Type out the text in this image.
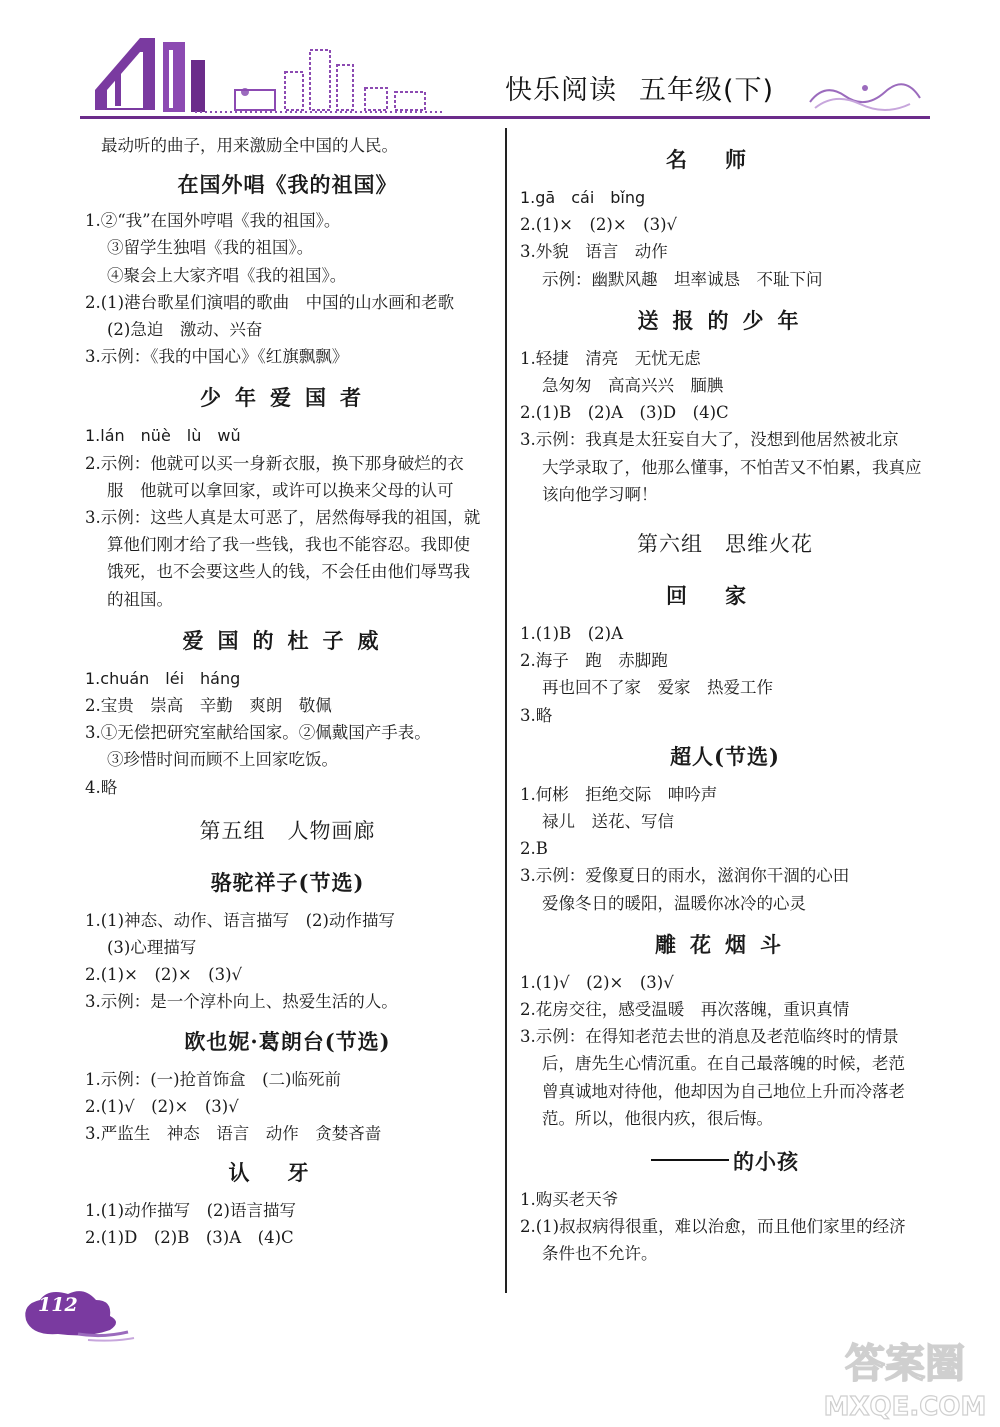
快乐阅读 五年级(下)
最动听的曲子，用来激励全中国的人民。
在国外唱《我的祖国》
1.②“我”在国外哼唱《我的祖国》。
③留学生独唱《我的祖国》。
④聚会上大家齐唱《我的祖国》。
2.(1)港台歌星们演唱的歌曲　中国的山水画和老歌
(2)急迫　激动、兴奋
3.示例：《我的中国心》《红旗飘飘》
少年爱国者
1.lán　nüè　lù　wǔ
2.示例：他就可以买一身新衣服，换下那身破烂的衣
服　他就可以拿回家，或许可以换来父母的认可
3.示例：这些人真是太可恶了，居然侮辱我的祖国，就
算他们刚才给了我一些钱，我也不能容忍。我即使
饿死，也不会要这些人的钱，不会任由他们辱骂我
的祖国。
爱国的杜子威
1.chuán　léi　háng
2.宝贵　崇高　辛勤　爽朗　敬佩
3.①无偿把研究室献给国家。②佩戴国产手表。
③珍惜时间而顾不上回家吃饭。
4.略
第五组　人物画廊
骆驼祥子(节选)
1.(1)神态、动作、语言描写　(2)动作描写
(3)心理描写
2.(1)×　(2)×　(3)√
3.示例：是一个淳朴向上、热爱生活的人。
欧也妮·葛朗台(节选)
1.示例：(一)抢首饰盒　(二)临死前
2.(1)√　(2)×　(3)√
3.严监生　神态　语言　动作　贪婪吝啬
认牙
1.(1)动作描写　(2)语言描写
2.(1)D　(2)B　(3)A　(4)C
名师
1.gā　cái　bǐng
2.(1)×　(2)×　(3)√
3.外貌　语言　动作
示例：幽默风趣　坦率诚恳　不耻下问
送报的少年
1.轻捷　清亮　无忧无虑
急匆匆　高高兴兴　腼腆
2.(1)B　(2)A　(3)D　(4)C
3.示例：我真是太狂妄自大了，没想到他居然被北京
大学录取了，他那么懂事，不怕苦又不怕累，我真应
该向他学习啊！
第六组　思维火花
回家
1.(1)B　(2)A
2.海子　跑　赤脚跑
再也回不了家　爱家　热爱工作
3.略
超人(节选)
1.何彬　拒绝交际　呻吟声
禄儿　送花、写信
2.B
3.示例：爱像夏日的雨水，滋润你干涸的心田
爱像冬日的暖阳，温暖你冰冷的心灵
雕花烟斗
1.(1)√　(2)×　(3)√
2.花房交往，感受温暖　再次落魄，重识真情
3.示例：在得知老范去世的消息及老范临终时的情景
后，唐先生心情沉重。在自己最落魄的时候，老范
曾真诚地对待他，他却因为自己地位上升而冷落老
范。所以，他很内疚，很后悔。
的小孩
1.购买老天爷
2.(1)叔叔病得很重，难以治愈，而且他们家里的经济
条件也不允许。
112
答案圈
MXQE.COM
